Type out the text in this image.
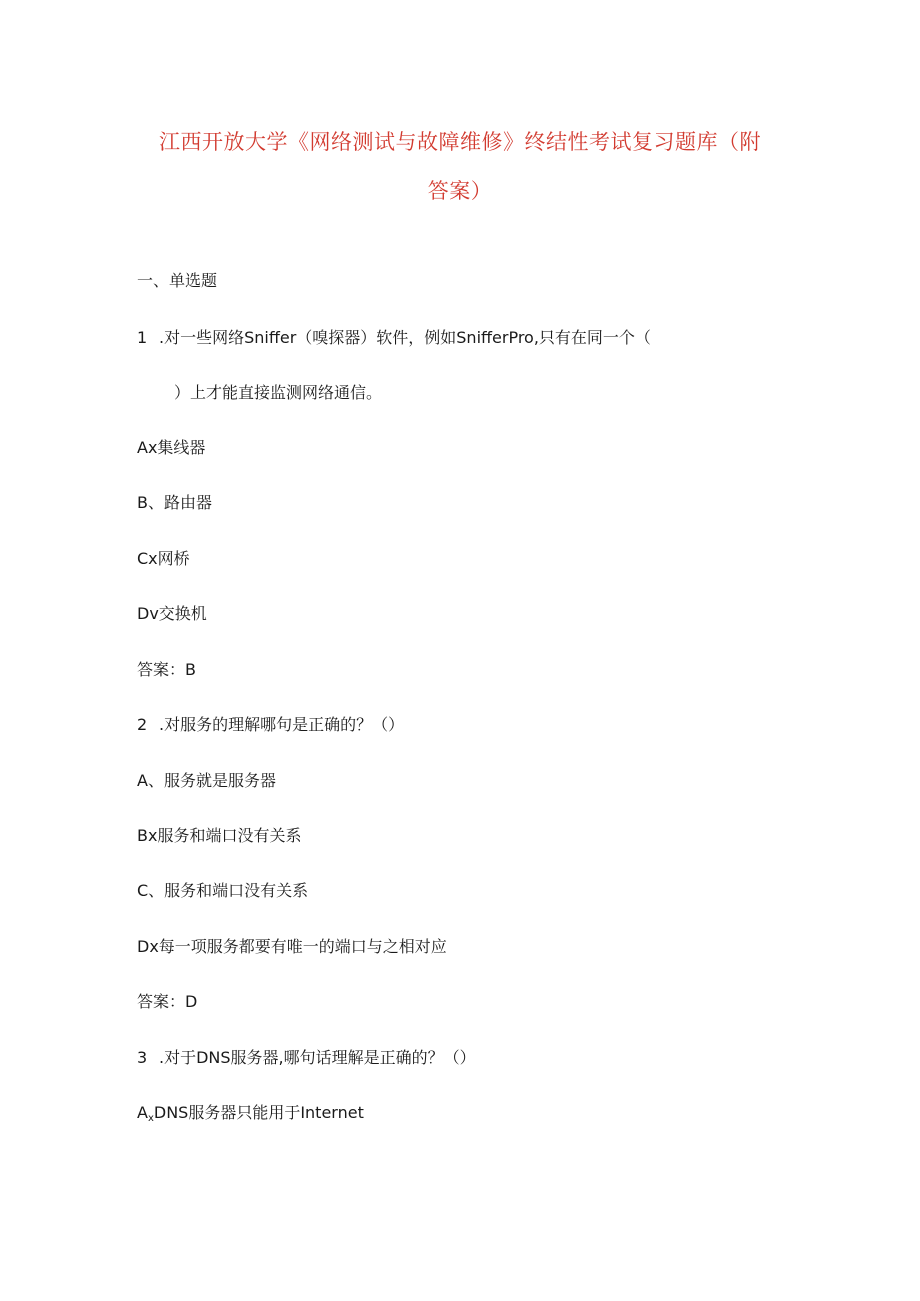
江西开放大学《网络测试与故障维修》终结性考试复习题库（附
答案）
一、单选题
1 .对一些网络Sniffer（嗅探器）软件，例如SnifferPro,只有在同一个（
）上才能直接监测网络通信。
Ax集线器
B、路由器
Cx网桥
Dv交换机
答案：B
2 .对服务的理解哪句是正确的？（）
A、服务就是服务器
Bx服务和端口没有关系
C、服务和端口没有关系
Dx每一项服务都要有唯一的端口与之相对应
答案：D
3 .对于DNS服务器,哪句话理解是正确的？（）
AxDNS服务器只能用于Internet
